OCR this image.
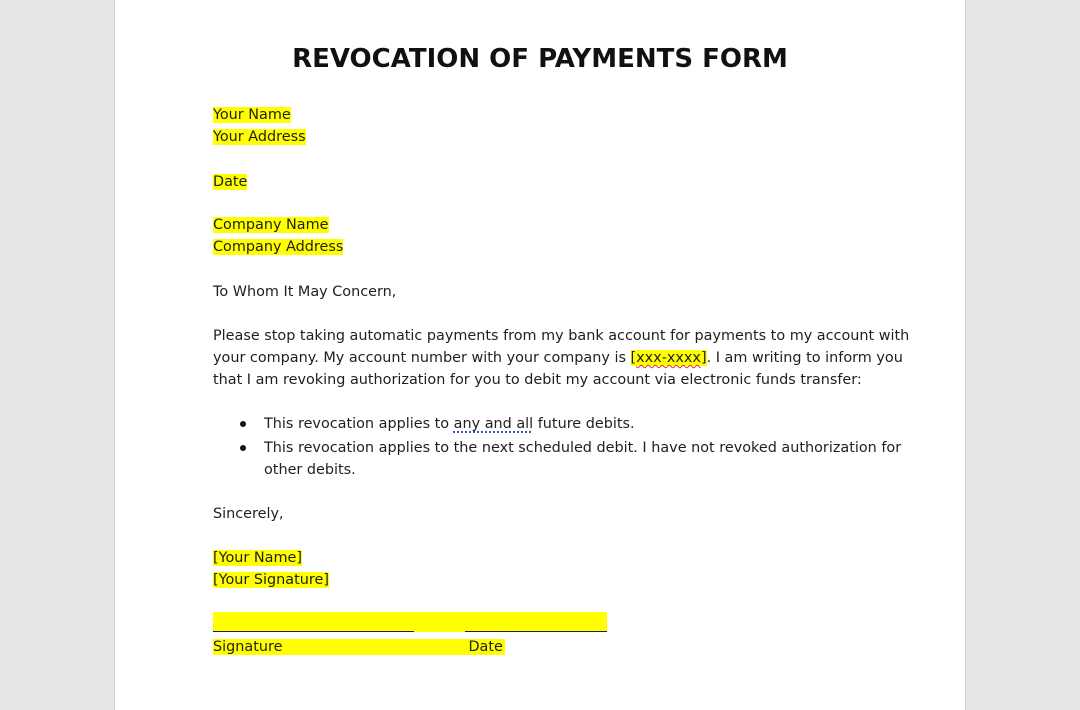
REVOCATION OF PAYMENTS FORM
Your Name
Your Address
Date
Company Name
Company Address
To Whom It May Concern,
Please stop taking automatic payments from my bank account for payments to my account with
your company. My account number with your company is [xxx-xxxx]. I am writing to inform you
that I am revoking authorization for you to debit my account via electronic funds transfer:
This revocation applies to any and all future debits.
This revocation applies to the next scheduled debit. I have not revoked authorization for
other debits.
Sincerely,
[Your Name]
[Your Signature]
Signature	Date
